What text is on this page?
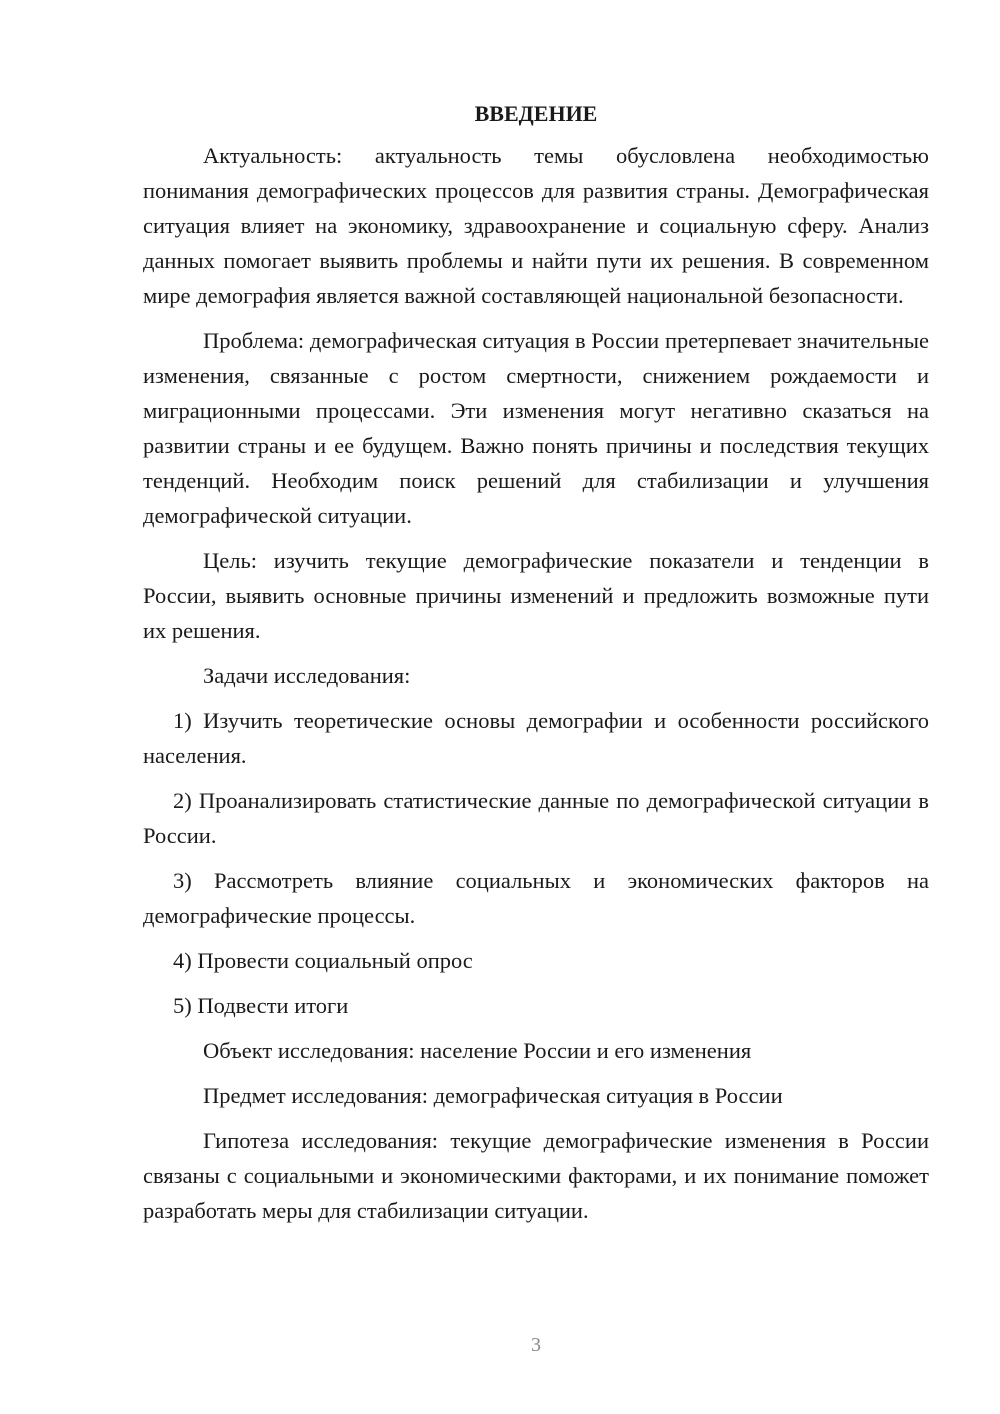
ВВЕДЕНИЕ

Актуальность: актуальность темы обусловлена необходимостью понимания демографических процессов для развития страны. Демографическая ситуация влияет на экономику, здравоохранение и социальную сферу. Анализ данных помогает выявить проблемы и найти пути их решения. В современном мире демография является важной составляющей национальной безопасности.

Проблема: демографическая ситуация в России претерпевает значительные изменения, связанные с ростом смертности, снижением рождаемости и миграционными процессами. Эти изменения могут негативно сказаться на развитии страны и ее будущем. Важно понять причины и последствия текущих тенденций. Необходим поиск решений для стабилизации и улучшения демографической ситуации.

Цель: изучить текущие демографические показатели и тенденции в России, выявить основные причины изменений и предложить возможные пути их решения.

Задачи исследования:

1) Изучить теоретические основы демографии и особенности российского населения.

2) Проанализировать статистические данные по демографической ситуации в России.

3) Рассмотреть влияние социальных и экономических факторов на демографические процессы.

4) Провести социальный опрос

5) Подвести итоги

Объект исследования: население России и его изменения

Предмет исследования: демографическая ситуация в России

Гипотеза исследования: текущие демографические изменения в России связаны с социальными и экономическими факторами, и их понимание поможет разработать меры для стабилизации ситуации.

3
